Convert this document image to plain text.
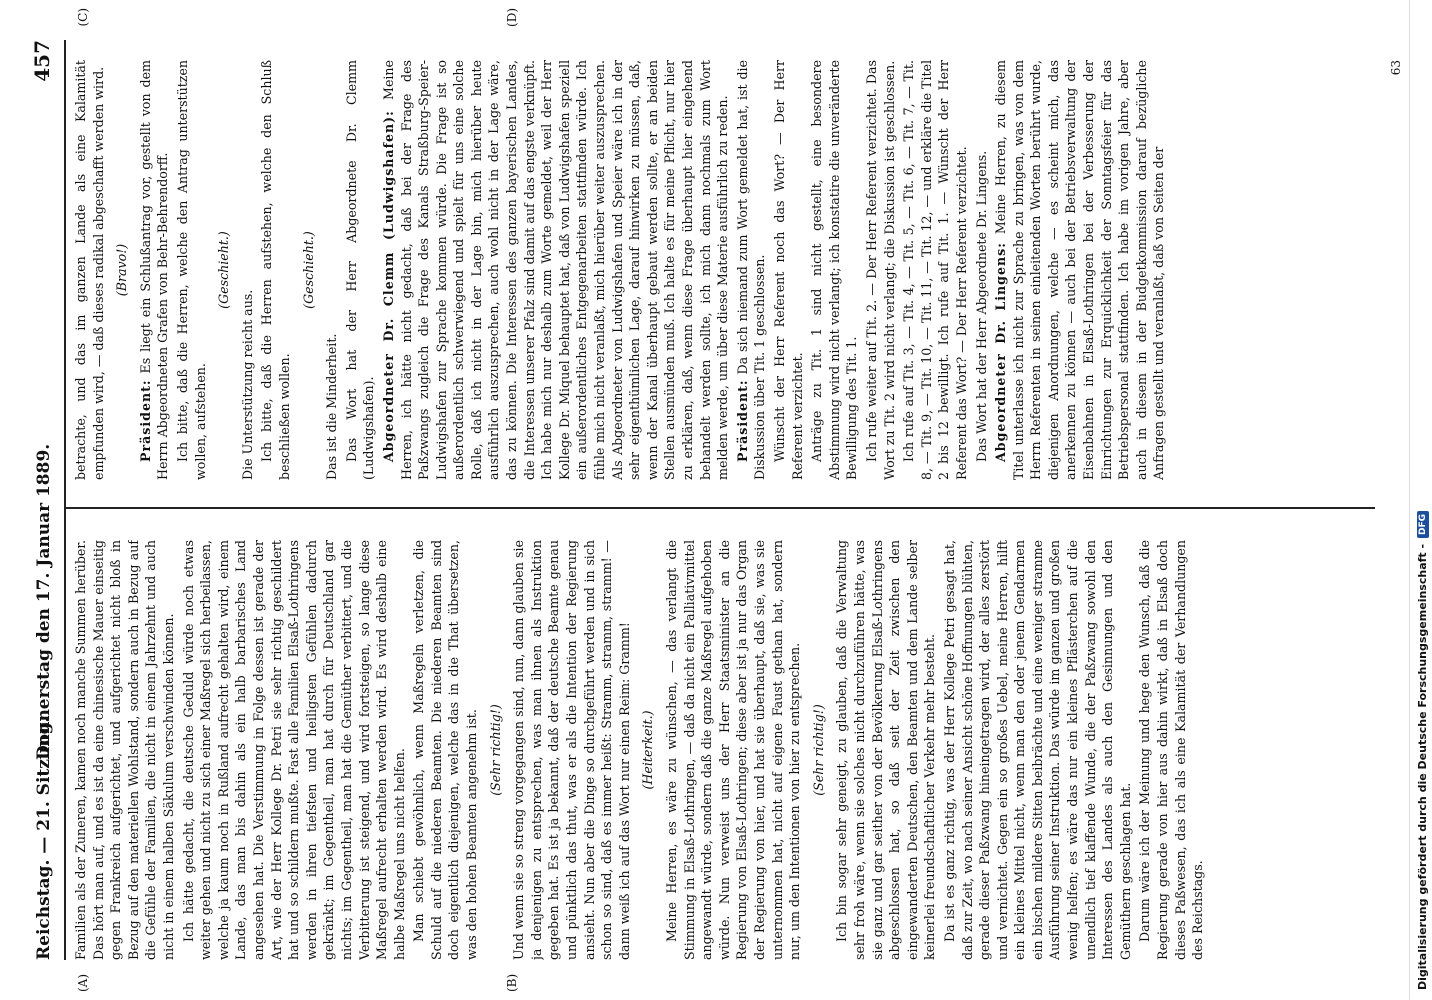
Reichstag. — 21. Sitzung.
Donnerstag den 17. Januar 1889.
457
(A)	(B)
(C)	(D)

Familien als der Zuneren, kamen noch manche Summen herüber. Das hört man auf, und es ist da eine chinesische Mauer einseitig gegen Frankreich aufgerichtet, und aufgerichtet nicht bloß in Bezug auf den materiellen Wohlstand, sondern auch in Bezug auf die Gefühle der Familien, die nicht in einem Jahrzehnt und auch nicht in einem halben Säkulum verschwinden können. Ich hätte gedacht, die deutsche Geduld würde noch etwas weiter gehen und nicht zu sich einer Maßregel sich herbeilassen, welche ja kaum noch in Rußland aufrecht gehalten wird, einem Lande, das man bis dahin als ein halb barbarisches Land angesehen hat. Die Verstimmung in Folge dessen ist gerade der Art, wie der Herr Kollege Dr. Petri sie sehr richtig geschildert hat und so schildern mußte. Fast alle Familien Elsaß-Lothringens werden in ihren tiefsten und heiligsten Gefühlen dadurch gekränkt; im Gegentheil, man hat durch für Deutschland gar nichts; im Gegentheil, man hat die Gemüther verbittert, und die Verbitterung ist steigend, und wird fortsteigen, so lange diese Maßregel aufrecht erhalten werden wird. Es wird deshalb eine halbe Maßregel uns nicht helfen. Man schiebt gewöhnlich, wenn Maßregeln verletzen, die Schuld auf die niederen Beamten. Die niederen Beamten sind doch eigentlich diejenigen, welche das in die That übersetzen, was den hohen Beamten angenehm ist. (Sehr richtig!) Und wenn sie so streng vorgegangen sind, nun, dann glauben sie ja denjenigen zu entsprechen, was man ihnen als Instruktion gegeben hat. Es ist ja bekannt, daß der deutsche Beamte genau und pünktlich das thut, was er als die Intention der Regierung ansieht. Nun aber die Dinge so durchgeführt werden und in sich schon so sind, daß es immer heißt: Stramm, stramm, stramm! — dann weiß ich auf das Wort nur einen Reim: Gramm! (Heiterkeit.) Meine Herren, es wäre zu wünschen, — das verlangt die Stimmung in Elsaß-Lothringen, — daß da nicht ein Palliativmittel angewandt würde, sondern daß die ganze Maßregel aufgehoben würde. Nun verweist uns der Herr Staatsminister an die Regierung von Elsaß-Lothringen; diese aber ist ja nur das Organ der Regierung von hier, und hat sie überhaupt, daß sie, was sie unternommen hat, nicht auf eigene Faust gethan hat, sondern nur, um den Intentionen von hier zu entsprechen. (Sehr richtig!) Ich bin sogar sehr geneigt, zu glauben, daß die Verwaltung sehr froh wäre, wenn sie solches nicht durchzuführen hätte, was sie ganz und gar seither von der Bevölkerung Elsaß-Lothringens abgeschlossen hat, so daß seit der Zeit zwischen den eingewanderten Deutschen, den Beamten und dem Lande selber keinerlei freundschaftlicher Verkehr mehr besteht. Da ist es ganz richtig, was der Herr Kollege Petri gesagt hat, daß zur Zeit, wo nach seiner Ansicht schöne Hoffnungen blühten, gerade dieser Paßzwang hineingetragen wird, der alles zerstört und vernichtet. Gegen ein so großes Uebel, meine Herren, hilft ein kleines Mittel nicht, wenn man den oder jenem Gendarmen ein bischen mildere Sitten beibrächte und eine weniger stramme Ausführung seiner Instruktion. Das würde im ganzen und großen wenig helfen; es wäre das nur ein kleines Pflästerchen auf die unendlich tief klaffende Wunde, die der Paßzwang sowohl den Interessen des Landes als auch den Gesinnungen und den Gemüthern geschlagen hat. Darum wäre ich der Meinung und hege den Wunsch, daß die Regierung gerade von hier aus dahin wirkt, daß in Elsaß doch dieses Paßwesen, das ich als eine Kalamität der Verhandlungen des Reichstags.

betrachte, und das im ganzen Lande als eine Kalamität empfunden wird, — daß dieses radikal abgeschafft werden wird. (Bravo!)

Präsident: Es liegt ein Schlußantrag vor, gestellt von dem Herrn Abgeordneten Grafen von Behr-Behrendorff. Ich bitte, daß die Herren, welche den Antrag unterstützen wollen, aufstehen.

(Geschieht.)

Die Unterstützung reicht aus. Ich bitte, daß die Herren aufstehen, welche den Schluß beschließen wollen.

(Geschieht.)

Das ist die Minderheit. Das Wort hat der Herr Abgeordnete Dr. Clemm (Ludwigshafen). Abgeordneter Dr. Clemm (Ludwigshafen): Meine Herren, ich hätte nicht gedacht, daß bei der Frage des Paßzwangs zugleich die Frage des Kanals Straßburg-Speier-Ludwigshafen zur Sprache kommen würde. Die Frage ist so außerordentlich schwerwiegend und spielt für uns eine solche Rolle, daß ich nicht in der Lage bin, mich hierüber heute ausführlich auszusprechen, auch wohl nicht in der Lage wäre, das zu können. Die Interessen des ganzen bayerischen Landes, die Interessen unserer Pfalz sind damit auf das engste verknüpft. Ich habe mich nur deshalb zum Worte gemeldet, weil der Herr Kollege Dr. Miquel behauptet hat, daß von Ludwigshafen speziell ein außerordentliches Entgegenarbeiten stattfinden würde. Ich fühle mich nicht veranlaßt, mich hierüber weiter auszusprechen. Als Abgeordneter von Ludwigshafen und Speier wäre ich in der sehr eigenthümlichen Lage, darauf hinwirken zu müssen, daß, wenn der Kanal überhaupt gebaut werden sollte, er an beiden Stellen ausmünden muß. Ich halte es für meine Pflicht, nur hier zu erklären, daß, wenn diese Frage überhaupt hier eingehend behandelt werden sollte, ich mich dann nochmals zum Wort melden werde, um über diese Materie ausführlich zu reden. Präsident: Da sich niemand zum Wort gemeldet hat, ist die Diskussion über Tit. 1 geschlossen. Wünscht der Herr Referent noch das Wort? — Der Herr Referent verzichtet. Anträge zu Tit. 1 sind nicht gestellt, eine besondere Abstimmung wird nicht verlangt; ich konstatire die unveränderte Bewilligung des Tit. 1. Ich rufe weiter auf Tit. 2. — Der Herr Referent verzichtet. Das Wort zu Tit. 2 wird nicht verlangt; die Diskussion ist geschlossen. Ich rufe auf Tit. 3, — Tit. 4, — Tit. 5, — Tit. 6, — Tit. 7, — Tit. 8, — Tit. 9, — Tit. 10, — Tit. 11, — Tit. 12, — und erkläre die Titel 2 bis 12 bewilligt. Ich rufe auf Tit. 1. — Wünscht der Herr Referent das Wort? — Der Herr Referent verzichtet. Das Wort hat der Herr Abgeordnete Dr. Lingens. Abgeordneter Dr. Lingens: Meine Herren, zu diesem Titel unterlasse ich nicht zur Sprache zu bringen, was von dem Herrn Referenten in seinen einleitenden Worten berührt wurde, diejenigen Anordnungen, welche — es scheint mich, das anerkennen zu können — auch bei der Betriebsverwaltung der Eisenbahnen in Elsaß-Lothringen bei der Verbesserung der Einrichtungen zur Erquicklichkeit der Sonntagsfeier für das Betriebspersonal stattfinden. Ich habe im vorigen Jahre, aber auch in diesem in der Budgetkommission darauf bezügliche Anfragen gestellt und veranlaßt, daß von Seiten der

63
Digitalisierung gefördert durch die Deutsche Forschungsgemeinschaft -DFG
